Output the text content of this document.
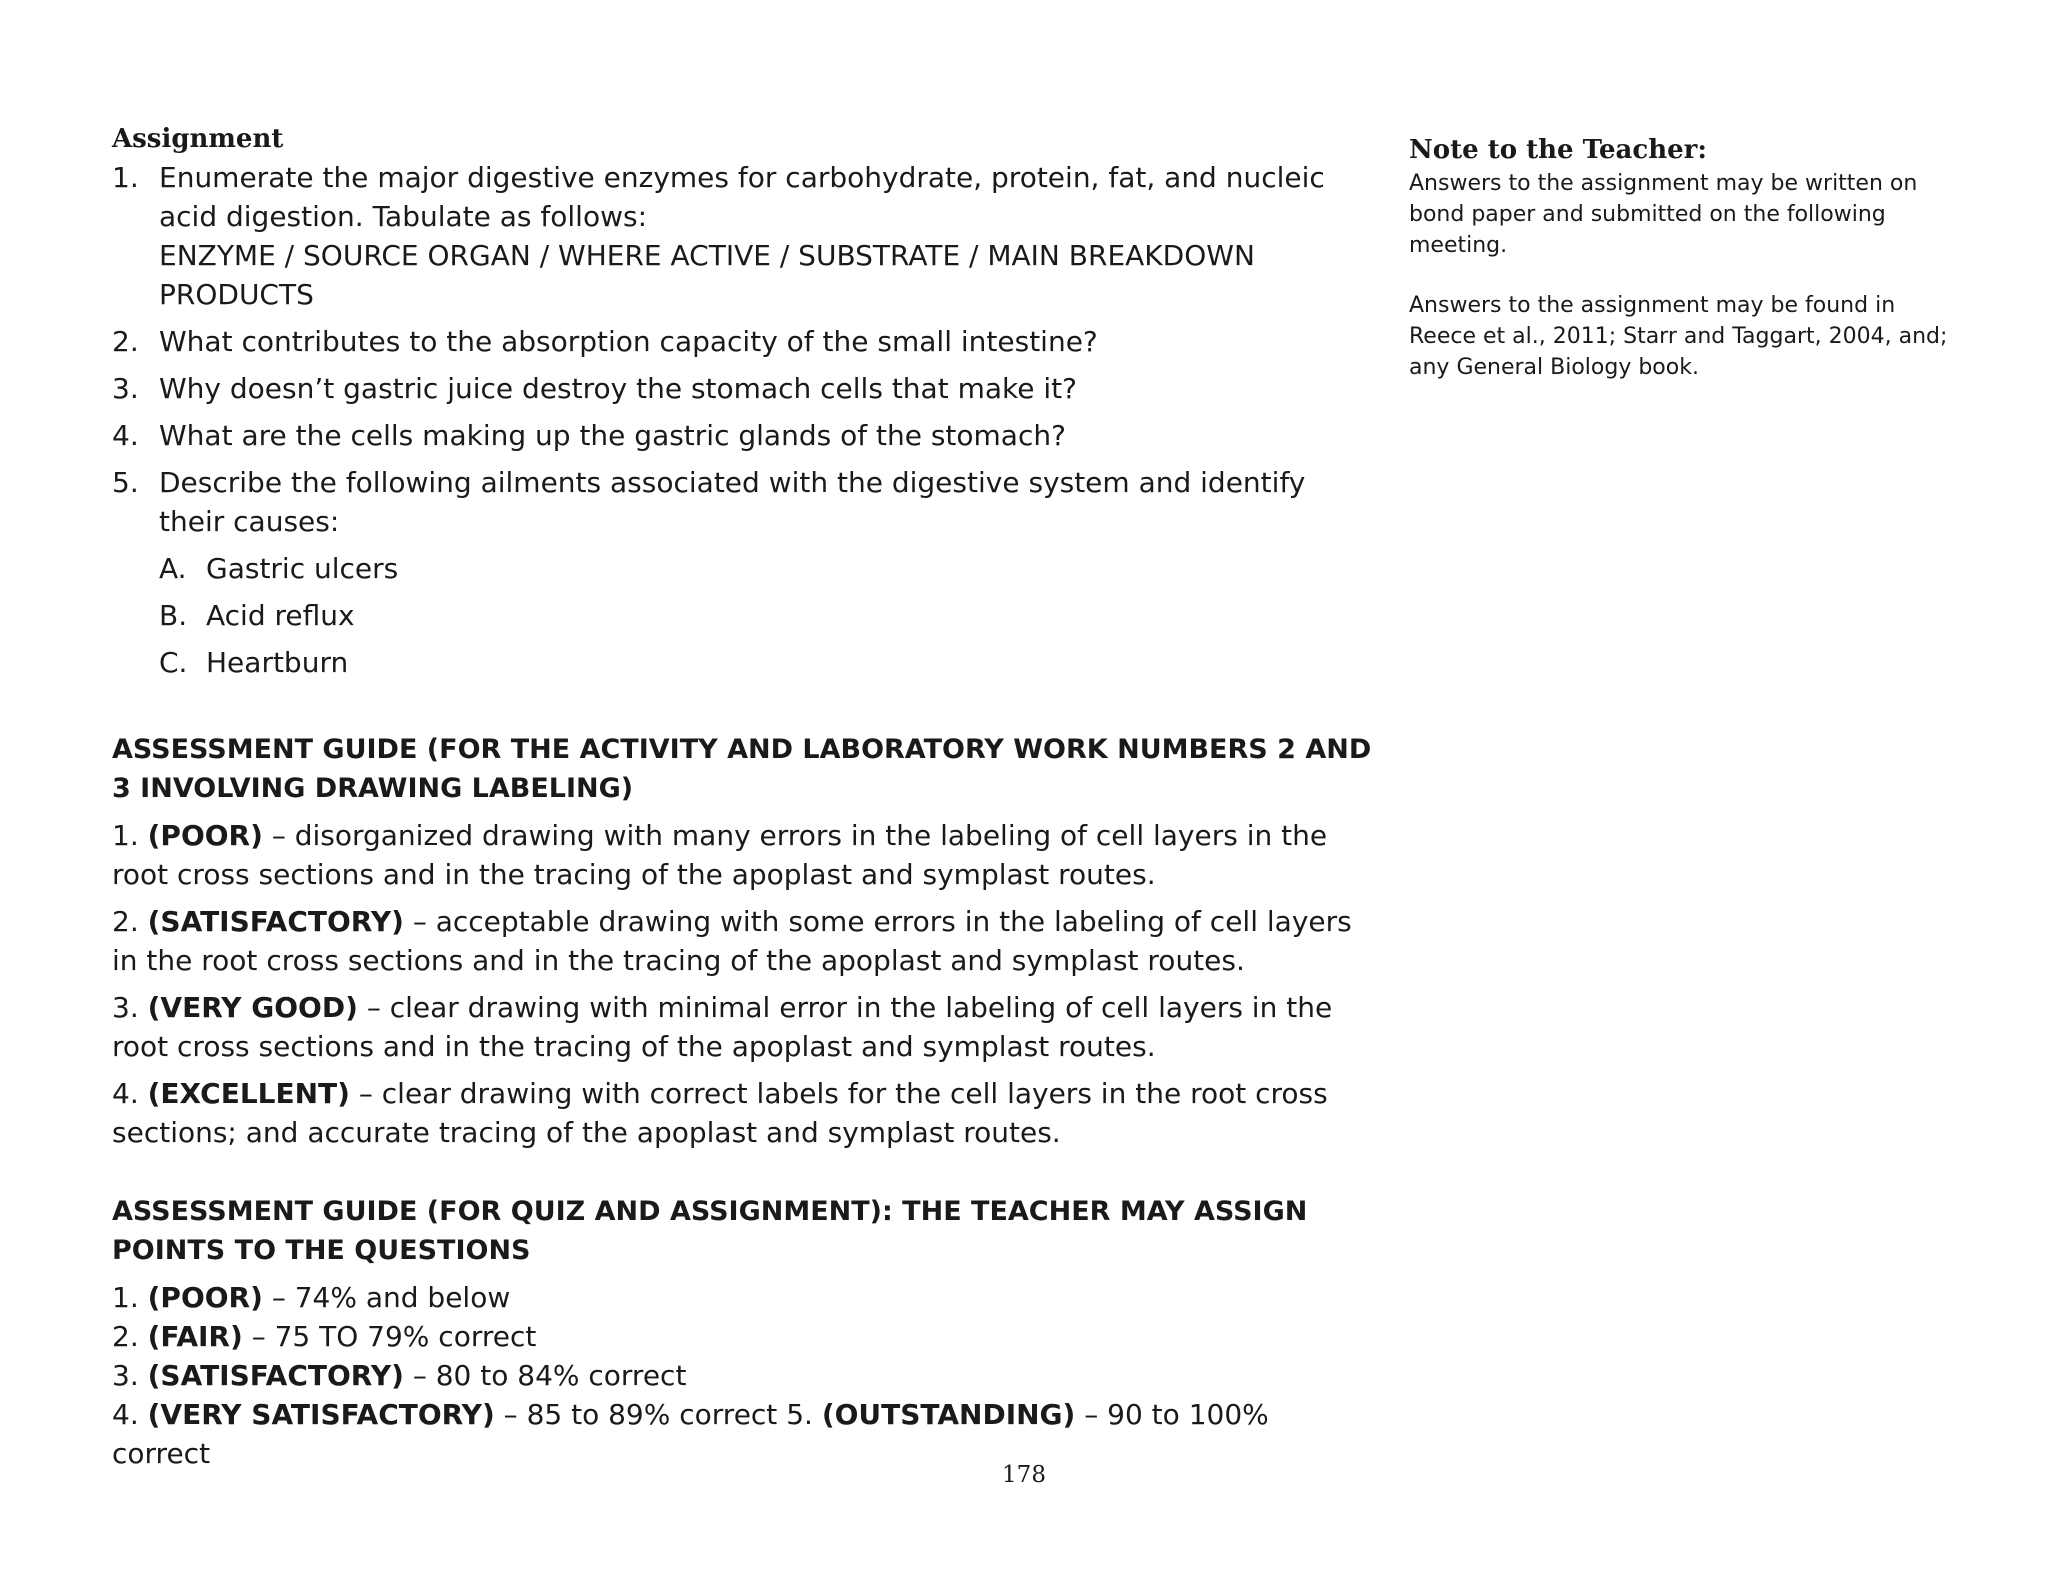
Assignment
1. Enumerate the major digestive enzymes for carbohydrate, protein, fat, and nucleic acid digestion. Tabulate as follows:
ENZYME / SOURCE ORGAN / WHERE ACTIVE / SUBSTRATE / MAIN BREAKDOWN PRODUCTS
2. What contributes to the absorption capacity of the small intestine?
3. Why doesn’t gastric juice destroy the stomach cells that make it?
4. What are the cells making up the gastric glands of the stomach?
5. Describe the following ailments associated with the digestive system and identify their causes:
A. Gastric ulcers
B. Acid reflux
C. Heartburn
ASSESSMENT GUIDE (FOR THE ACTIVITY AND LABORATORY WORK NUMBERS 2 AND 3 INVOLVING DRAWING LABELING)

1. (POOR) – disorganized drawing with many errors in the labeling of cell layers in the root cross sections and in the tracing of the apoplast and symplast routes.

2. (SATISFACTORY) – acceptable drawing with some errors in the labeling of cell layers in the root cross sections and in the tracing of the apoplast and symplast routes.

3. (VERY GOOD) – clear drawing with minimal error in the labeling of cell layers in the root cross sections and in the tracing of the apoplast and symplast routes.

4. (EXCELLENT) – clear drawing with correct labels for the cell layers in the root cross sections; and accurate tracing of the apoplast and symplast routes.

ASSESSMENT GUIDE (FOR QUIZ AND ASSIGNMENT): THE TEACHER MAY ASSIGN POINTS TO THE QUESTIONS

1. (POOR) – 74% and below

2. (FAIR) – 75 TO 79% correct

3. (SATISFACTORY) – 80 to 84% correct

4. (VERY SATISFACTORY) – 85 to 89% correct 5. (OUTSTANDING) – 90 to 100% correct

Note to the Teacher:

Answers to the assignment may be written on bond paper and submitted on the following meeting.

Answers to the assignment may be found in Reece et al., 2011; Starr and Taggart, 2004, and; any General Biology book.

178
